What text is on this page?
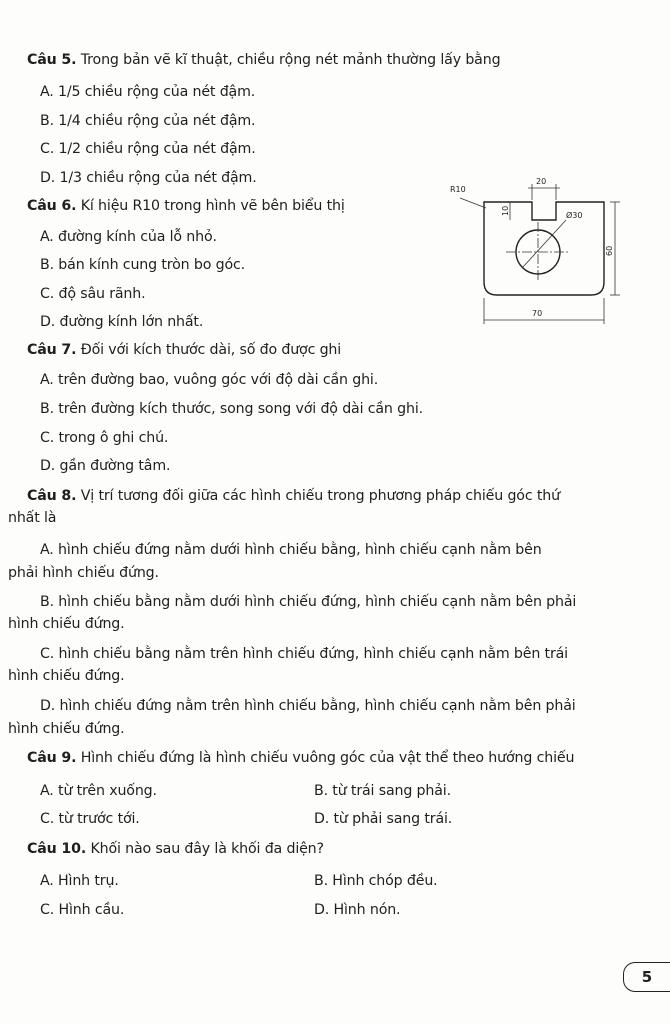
Câu 5. Trong bản vẽ kĩ thuật, chiều rộng nét mảnh thường lấy bằng
A. 1/5 chiều rộng của nét đậm.
B. 1/4 chiều rộng của nét đậm.
C. 1/2 chiều rộng của nét đậm.
D. 1/3 chiều rộng của nét đậm.
Câu 6. Kí hiệu R10 trong hình vẽ bên biểu thị
A. đường kính của lỗ nhỏ.
B. bán kính cung tròn bo góc.
C. độ sâu rãnh.
D. đường kính lớn nhất.
20
R10
10	Ø30
60
70
Câu 7. Đối với kích thước dài, số đo được ghi
A. trên đường bao, vuông góc với độ dài cần ghi.
B. trên đường kích thước, song song với độ dài cần ghi.
C. trong ô ghi chú.
D. gần đường tâm.
Câu 8. Vị trí tương đối giữa các hình chiếu trong phương pháp chiếu góc thứ
nhất là
A. hình chiếu đứng nằm dưới hình chiếu bằng, hình chiếu cạnh nằm bên
phải hình chiếu đứng.
B. hình chiếu bằng nằm dưới hình chiếu đứng, hình chiếu cạnh nằm bên phải
hình chiếu đứng.
C. hình chiếu bằng nằm trên hình chiếu đứng, hình chiếu cạnh nằm bên trái
hình chiếu đứng.
D. hình chiếu đứng nằm trên hình chiếu bằng, hình chiếu cạnh nằm bên phải
hình chiếu đứng.
Câu 9. Hình chiếu đứng là hình chiếu vuông góc của vật thể theo hướng chiếu
A. từ trên xuống.	B. từ trái sang phải.
C. từ trước tới.	D. từ phải sang trái.
Câu 10. Khối nào sau đây là khối đa diện?
A. Hình trụ.	B. Hình chóp đều.
C. Hình cầu.	D. Hình nón.
5
